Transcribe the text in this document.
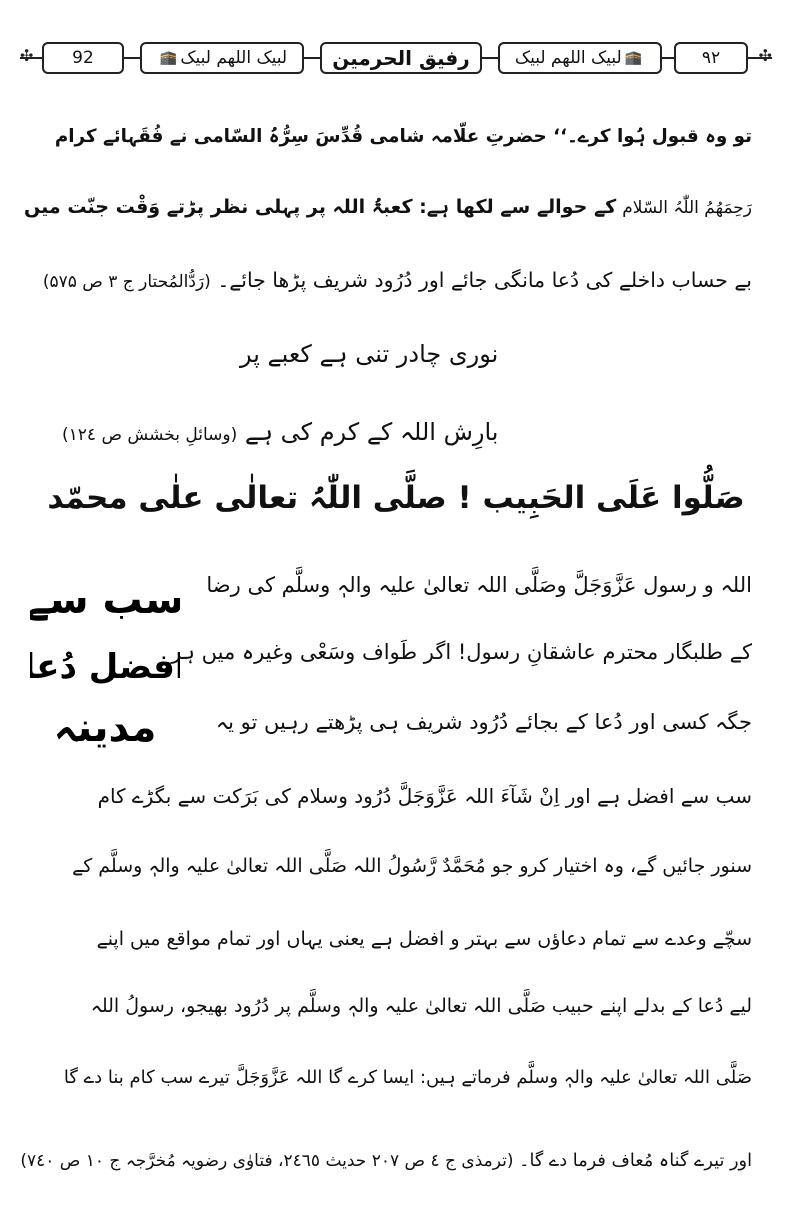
✣	92	🕋 لبیک اللھم لبیک	رفیق الحرمین	لبیک اللھم لبیک 🕋	۹۲	✣
تو وہ قبول ہُوا کرے۔‘‘ حضرتِ علّامہ شامی قُدِّسَ سِرُّہُ السّامی نے فُقَہائے کرام
رَحِمَھُمُ اللّٰہُ السّلام کے حوالے سے لکھا ہے: کعبۃُ اللہ پر پہلی نظر پڑتے وَقْت جنّت میں
بے حساب داخلے کی دُعا مانگی جائے اور دُرُود شریف پڑھا جائے۔ (رَدُّالمُحتار ج ۳ ص ۵۷۵)
نوری چادر تنی ہے کعبے پر
بارِش اللہ کے کرم کی ہے (وسائلِ بخشش ص ۱۲٤)
صَلُّوا عَلَی الحَبِیب ! صلَّی اللّٰہُ تعالٰی علٰی محمّد
سب سے
افضل دُعا
مدینہ
اللہ و رسول عَزَّوَجَلَّ وصَلَّی اللہ تعالیٰ علیہ والہٖ وسلَّم کی رضا
کے طلبگار محترم عاشقانِ رسول! اگر طَواف وسَعْی وغیرہ میں ہر
جگہ کسی اور دُعا کے بجائے دُرُود شریف ہی پڑھتے رہیں تو یہ
سب سے افضل ہے اور اِنْ شَآءَ اللہ عَزَّوَجَلَّ دُرُود وسلام کی بَرَکت سے بگڑے کام
سنور جائیں گے، وہ اختیار کرو جو مُحَمَّدٌ رَّسُولُ اللہ صَلَّی اللہ تعالیٰ علیہ والہٖ وسلَّم کے
سچّے وعدے سے تمام دعاؤں سے بہتر و افضل ہے یعنی یہاں اور تمام مواقع میں اپنے
لیے دُعا کے بدلے اپنے حبیب صَلَّی اللہ تعالیٰ علیہ والہٖ وسلَّم پر دُرُود بھیجو، رسولُ اللہ
صَلَّی اللہ تعالیٰ علیہ والہٖ وسلَّم فرماتے ہیں: ایسا کرے گا اللہ عَزَّوَجَلَّ تیرے سب کام بنا دے گا
اور تیرے گناہ مُعاف فرما دے گا۔ (ترمذی ج ٤ ص ۲۰۷ حدیث ۲٤٦٥، فتاوٰی رضویہ مُخرَّجہ ج ۱۰ ص ۷٤۰)
